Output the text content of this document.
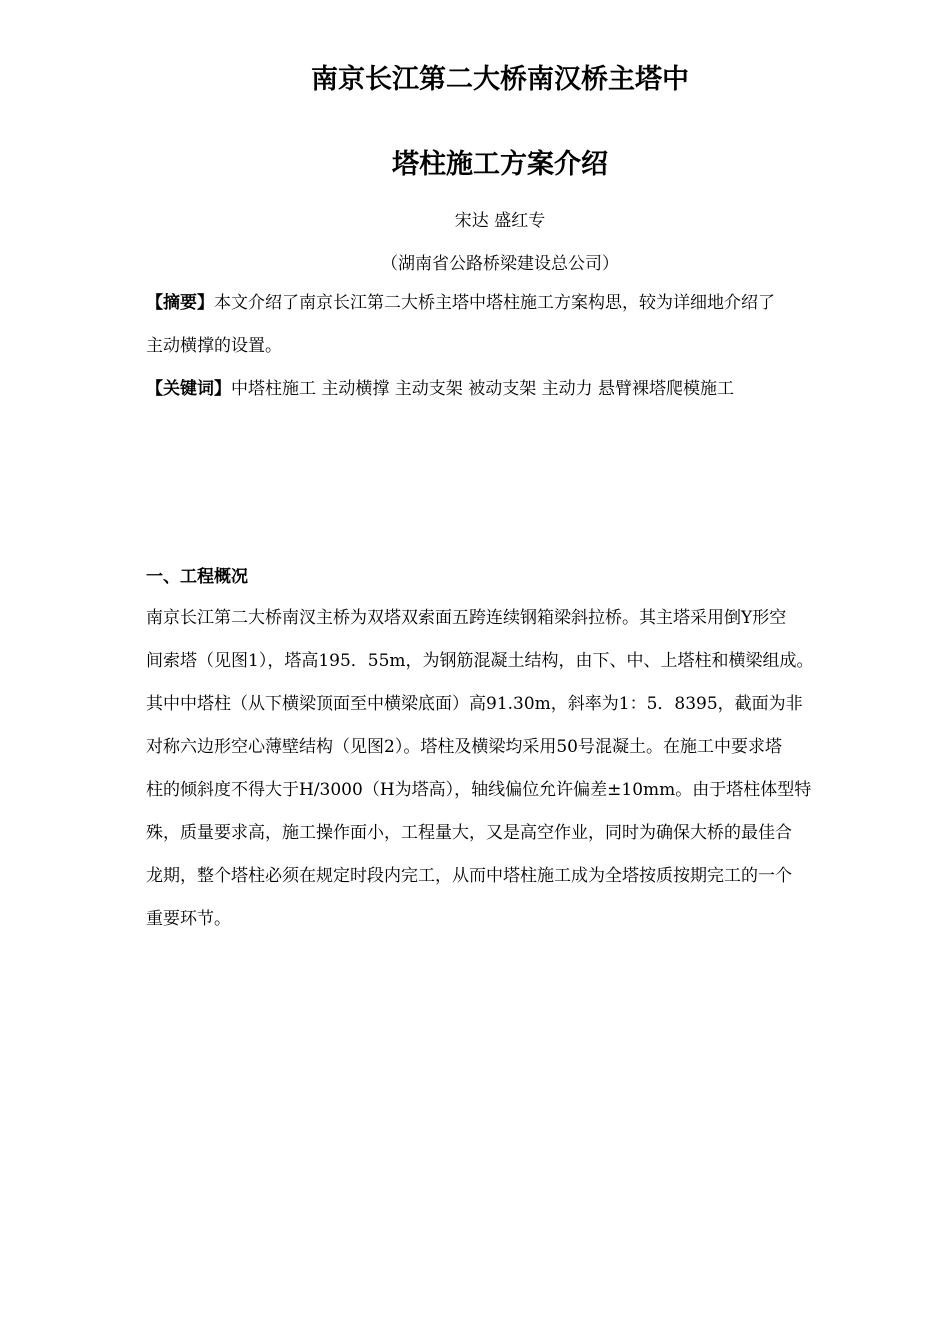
南京长江第二大桥南汉桥主塔中
塔柱施工方案介绍
宋达 盛红专
（湖南省公路桥梁建设总公司）
【摘要】本文介绍了南京长江第二大桥主塔中塔柱施工方案构思，较为详细地介绍了
主动横撑的设置。
【关键词】中塔柱施工 主动横撑 主动支架 被动支架 主动力 悬臂裸塔爬模施工
一、工程概况
南京长江第二大桥南汊主桥为双塔双索面五跨连续钢箱梁斜拉桥。其主塔采用倒Y形空
间索塔（见图1），塔高195．55m，为钢筋混凝土结构，由下、中、上塔柱和横梁组成。
其中中塔柱（从下横梁顶面至中横梁底面）高91.30m，斜率为1：5．8395，截面为非
对称六边形空心薄壁结构（见图2）。塔柱及横梁均采用50号混凝土。在施工中要求塔
柱的倾斜度不得大于H/3000（H为塔高），轴线偏位允许偏差±10mm。由于塔柱体型特
殊，质量要求高，施工操作面小，工程量大，又是高空作业，同时为确保大桥的最佳合
龙期，整个塔柱必须在规定时段内完工，从而中塔柱施工成为全塔按质按期完工的一个
重要环节。
